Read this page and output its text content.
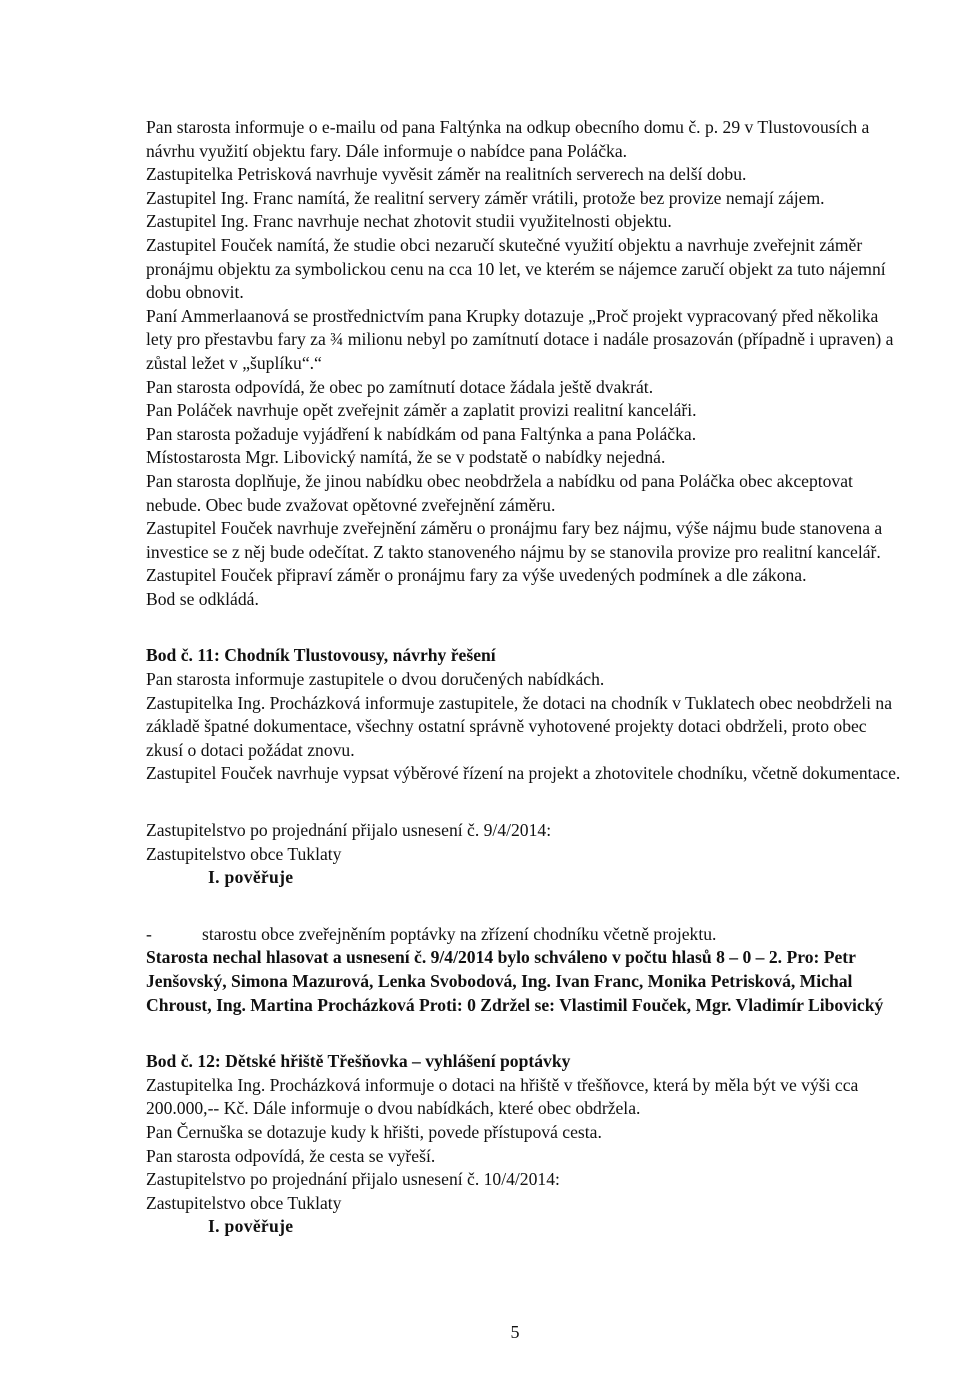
Pan starosta informuje o e-mailu od pana Faltýnka na odkup obecního domu č. p. 29 v Tlustovousích a návrhu využití objektu fary. Dále informuje o nabídce pana Poláčka.

Zastupitelka Petrisková navrhuje vyvěsit záměr na realitních serverech na delší dobu.

Zastupitel Ing. Franc namítá, že realitní servery záměr vrátili, protože bez provize nemají zájem.

Zastupitel Ing. Franc navrhuje nechat zhotovit studii využitelnosti objektu.

Zastupitel Fouček namítá, že studie obci nezaručí skutečné využití objektu a navrhuje zveřejnit záměr pronájmu objektu za symbolickou cenu na cca 10 let, ve kterém se nájemce zaručí objekt za tuto nájemní dobu obnovit.

Paní Ammerlaanová se prostřednictvím pana Krupky dotazuje „Proč projekt vypracovaný před několika lety pro přestavbu fary za ¾ milionu nebyl po zamítnutí dotace i nadále prosazován (případně i upraven) a zůstal ležet v „šuplíku“.“

Pan starosta odpovídá, že obec po zamítnutí dotace žádala ještě dvakrát.

Pan Poláček navrhuje opět zveřejnit záměr a zaplatit provizi realitní kanceláři.

Pan starosta požaduje vyjádření k nabídkám od pana Faltýnka a pana Poláčka.

Místostarosta Mgr. Libovický namítá, že se v podstatě o nabídky nejedná.

Pan starosta doplňuje, že jinou nabídku obec neobdržela a nabídku od pana Poláčka obec akceptovat nebude. Obec bude zvažovat opětovné zveřejnění záměru.

Zastupitel Fouček navrhuje zveřejnění záměru o pronájmu fary bez nájmu, výše nájmu bude stanovena a investice se z něj bude odečítat. Z takto stanoveného nájmu by se stanovila provize pro realitní kancelář.

Zastupitel Fouček připraví záměr o pronájmu fary za výše uvedených podmínek a dle zákona.

Bod se odkládá.

Bod č. 11: Chodník Tlustovousy, návrhy řešení

Pan starosta informuje zastupitele o dvou doručených nabídkách.

Zastupitelka Ing. Procházková informuje zastupitele, že dotaci na chodník v Tuklatech obec neobdrželi na základě špatné dokumentace, všechny ostatní správně vyhotovené projekty dotaci obdrželi, proto obec zkusí o dotaci požádat znovu.

Zastupitel Fouček navrhuje vypsat výběrové řízení na projekt a zhotovitele chodníku, včetně dokumentace.

Zastupitelstvo po projednání přijalo usnesení č. 9/4/2014:

Zastupitelstvo obce Tuklaty

I. pověřuje

-	starostu obce zveřejněním poptávky na zřízení chodníku včetně projektu.

Starosta nechal hlasovat a usnesení č. 9/4/2014 bylo schváleno v počtu hlasů 8 – 0 – 2. Pro: Petr Jenšovský, Simona Mazurová, Lenka Svobodová, Ing. Ivan Franc, Monika Petrisková, Michal Chroust, Ing. Martina Procházková Proti: 0 Zdržel se: Vlastimil Fouček, Mgr. Vladimír Libovický

Bod č. 12: Dětské hřiště Třešňovka – vyhlášení poptávky

Zastupitelka Ing. Procházková informuje o dotaci na hřiště v třešňovce, která by měla být ve výši cca 200.000,-- Kč. Dále informuje o dvou nabídkách, které obec obdržela.

Pan Černuška se dotazuje kudy k hřišti, povede přístupová cesta.

Pan starosta odpovídá, že cesta se vyřeší.

Zastupitelstvo po projednání přijalo usnesení č. 10/4/2014:

Zastupitelstvo obce Tuklaty

I. pověřuje

5
